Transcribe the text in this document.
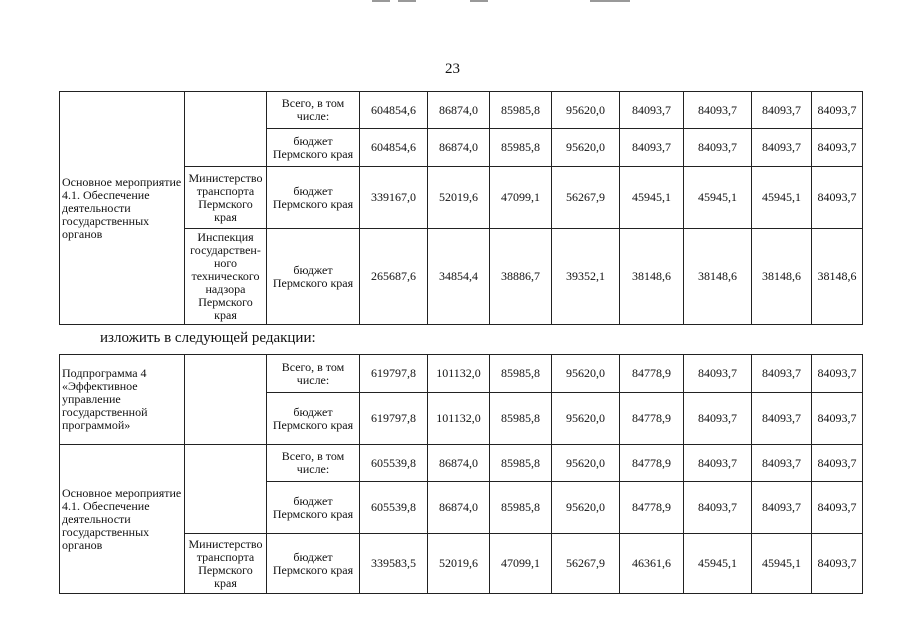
23
Основное мероприятие 4.1. Обеспечение деятельности государственных органов		Всего, в том числе:	604854,6	86874,0	85985,8	95620,0	84093,7	84093,7	84093,7	84093,7
		бюджет Пермского края	604854,6	86874,0	85985,8	95620,0	84093,7	84093,7	84093,7	84093,7
	Министерство транспорта Пермского края	бюджет Пермского края	339167,0	52019,6	47099,1	56267,9	45945,1	45945,1	45945,1	84093,7
	Инспекция государствен-ного технического надзора Пермского края	бюджет Пермского края	265687,6	34854,4	38886,7	39352,1	38148,6	38148,6	38148,6	38148,6
изложить в следующей редакции:
Подпрограмма 4 «Эффективное управление государственной программой»		Всего, в том числе:	619797,8	101132,0	85985,8	95620,0	84778,9	84093,7	84093,7	84093,7
		бюджет Пермского края	619797,8	101132,0	85985,8	95620,0	84778,9	84093,7	84093,7	84093,7
Основное мероприятие 4.1. Обеспечение деятельности государственных органов		Всего, в том числе:	605539,8	86874,0	85985,8	95620,0	84778,9	84093,7	84093,7	84093,7
		бюджет Пермского края	605539,8	86874,0	85985,8	95620,0	84778,9	84093,7	84093,7	84093,7
	Министерство транспорта Пермского края	бюджет Пермского края	339583,5	52019,6	47099,1	56267,9	46361,6	45945,1	45945,1	84093,7
